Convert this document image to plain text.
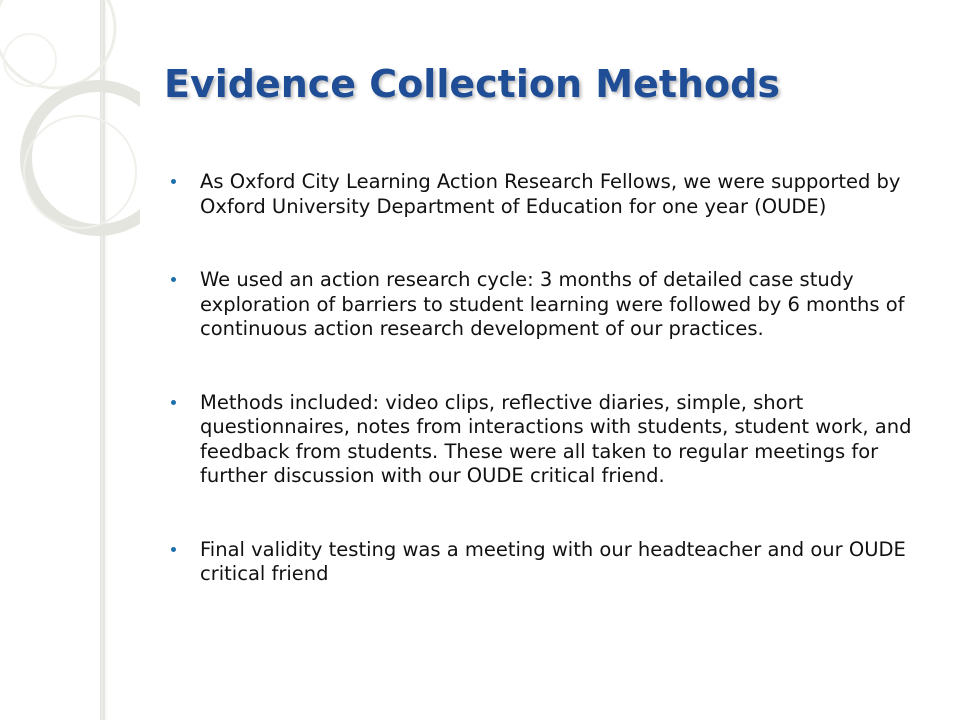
Evidence Collection Methods
As Oxford City Learning Action Research Fellows, we were supported by Oxford University Department of Education for one year (OUDE)
We used an action research cycle: 3 months of detailed case study exploration of barriers to student learning were followed by 6 months of continuous action research development of our practices.
Methods included: video clips, reflective diaries, simple, short questionnaires, notes from interactions with students, student work, and feedback from students. These were all taken to regular meetings for further discussion with our OUDE critical friend.
Final validity testing was a meeting with our headteacher and our OUDE critical friend
